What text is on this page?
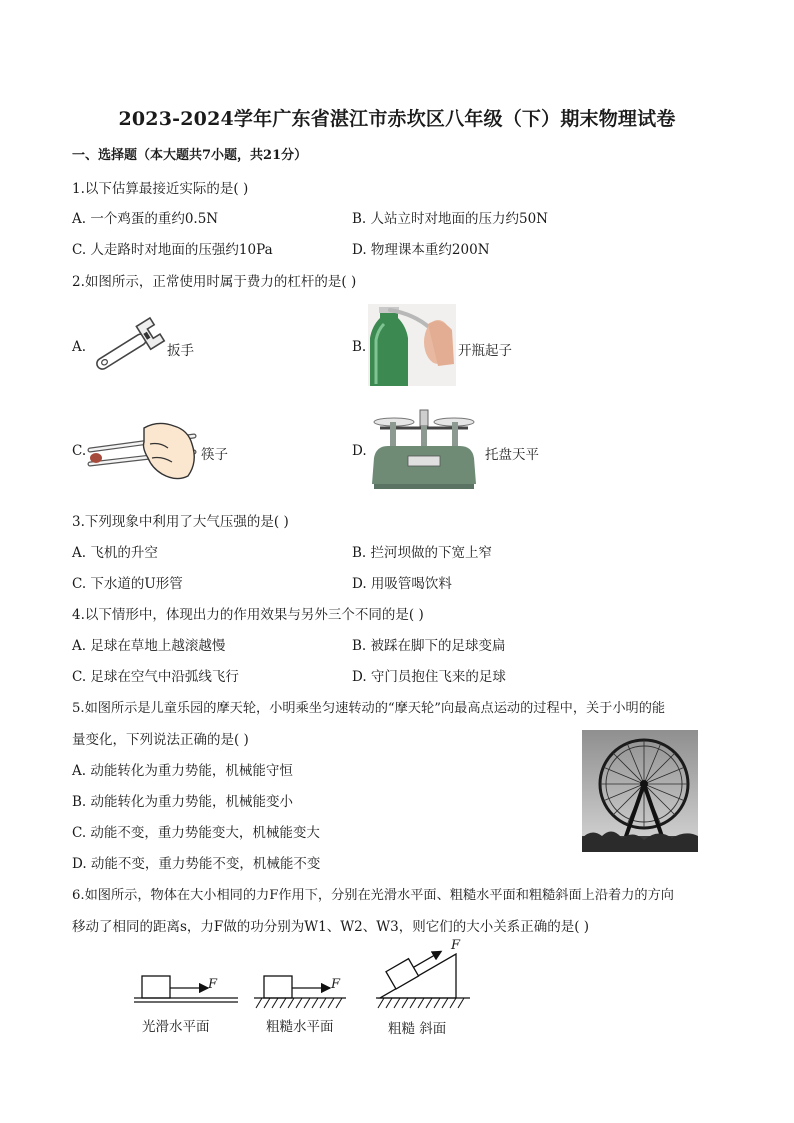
2023-2024学年广东省湛江市赤坎区八年级（下）期末物理试卷
一、选择题（本大题共7小题，共21分）
1.以下估算最接近实际的是( )
A. 一个鸡蛋的重约0.5N	B. 人站立时对地面的压力约50N
C. 人走路时对地面的压强约10Pa	D. 物理课本重约200N
2.如图所示，正常使用时属于费力的杠杆的是( )
A.	扳手	B.	开瓶起子
C.	筷子	D.	托盘天平
3.下列现象中利用了大气压强的是( )
A. 飞机的升空	B. 拦河坝做的下宽上窄
C. 下水道的U形管	D. 用吸管喝饮料
4.以下情形中，体现出力的作用效果与另外三个不同的是( )
A. 足球在草地上越滚越慢	B. 被踩在脚下的足球变扁
C. 足球在空气中沿弧线飞行	D. 守门员抱住飞来的足球
5.如图所示是儿童乐园的摩天轮，小明乘坐匀速转动的“摩天轮”向最高点运动的过程中，关于小明的能
量变化，下列说法正确的是( )
A. 动能转化为重力势能，机械能守恒
B. 动能转化为重力势能，机械能变小
C. 动能不变，重力势能变大，机械能变大
D. 动能不变，重力势能不变，机械能不变
6.如图所示，物体在大小相同的力F作用下，分别在光滑水平面、粗糙水平面和粗糙斜面上沿着力的方向
移动了相同的距离s，力F做的功分别为W1、W2、W3，则它们的大小关系正确的是( )
F
光滑水平面
F
粗糙水平面
F
粗糙 斜面
